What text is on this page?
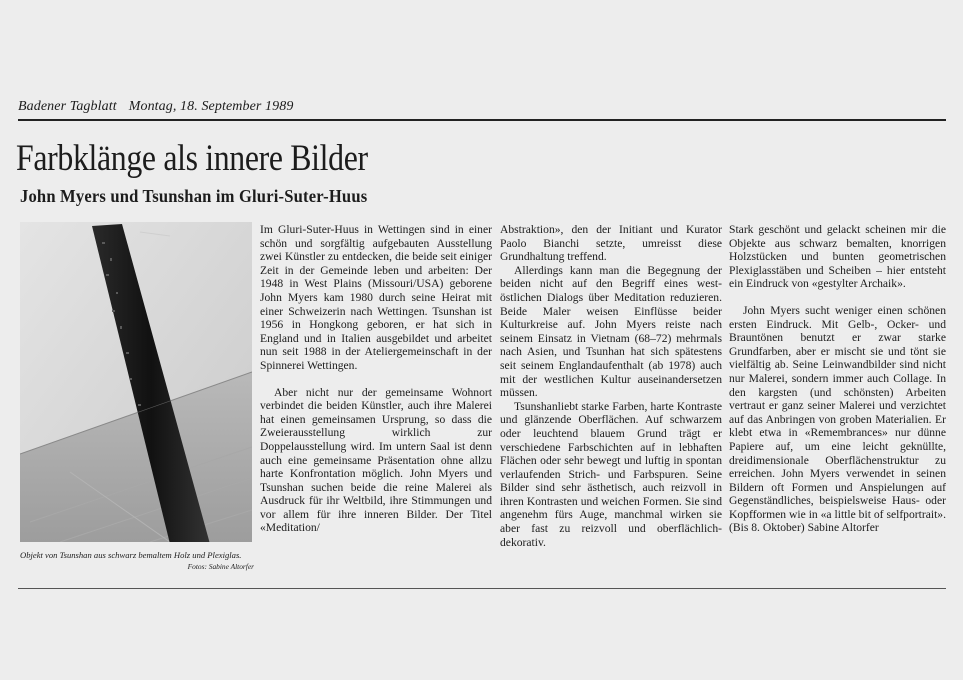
Badener Tagblatt Montag, 18. September 1989
Farbklänge als innere Bilder
John Myers und Tsunshan im Gluri-Suter-Huus
Objekt von Tsunshan aus schwarz bemaltem Holz und Plexiglas.
Fotos: Sabine Altorfer

Im Gluri-Suter-Huus in Wettingen sind in einer schön und sorgfältig aufgebauten Ausstellung zwei Künstler zu entdecken, die beide seit einiger Zeit in der Gemeinde leben und arbeiten: Der 1948 in West Plains (Missouri/USA) geborene John Myers kam 1980 durch seine Heirat mit einer Schweizerin nach Wettingen. Tsunshan ist 1956 in Hongkong geboren, er hat sich in England und in Italien ausgebildet und arbeitet nun seit 1988 in der Ateliergemeinschaft in der Spinnerei Wettingen.

Aber nicht nur der gemeinsame Wohnort verbindet die beiden Künstler, auch ihre Malerei hat einen gemeinsamen Ursprung, so dass die Zweierausstellung wirklich zur Doppelausstellung wird. Im untern Saal ist denn auch eine gemeinsame Präsentation ohne allzu harte Konfrontation möglich. John Myers und Tsunshan suchen beide die reine Malerei als Ausdruck für ihr Weltbild, ihre Stimmungen und vor allem für ihre inneren Bilder. Der Titel «Meditation/

Abstraktion», den der Initiant und Kurator Paolo Bianchi setzte, umreisst diese Grundhaltung treffend.

Allerdings kann man die Begegnung der beiden nicht auf den Begriff eines west-östlichen Dialogs über Meditation reduzieren. Beide Maler weisen Einflüsse beider Kulturkreise auf. John Myers reiste nach seinem Einsatz in Vietnam (68–72) mehrmals nach Asien, und Tsunhan hat sich spätestens seit seinem Englandaufenthalt (ab 1978) auch mit der westlichen Kultur auseinandersetzen müssen.

Tsunshanliebt starke Farben, harte Kontraste und glänzende Oberflächen. Auf schwarzem oder leuchtend blauem Grund trägt er verschiedene Farbschichten auf in lebhaften Flächen oder sehr bewegt und luftig in spontan verlaufenden Strich- und Farbspuren. Seine Bilder sind sehr ästhetisch, auch reizvoll in ihren Kontrasten und weichen Formen. Sie sind angenehm fürs Auge, manchmal wirken sie aber fast zu reizvoll und oberflächlich-dekorativ.

Stark geschönt und gelackt scheinen mir die Objekte aus schwarz bemalten, knorrigen Holzstücken und bunten geometrischen Plexiglasstäben und Scheiben – hier entsteht ein Eindruck von «gestylter Archaik».

John Myers sucht weniger einen schönen ersten Eindruck. Mit Gelb-, Ocker- und Brauntönen benutzt er zwar starke Grundfarben, aber er mischt sie und tönt sie vielfältig ab. Seine Leinwandbilder sind nicht nur Malerei, sondern immer auch Collage. In den kargsten (und schönsten) Arbeiten vertraut er ganz seiner Malerei und verzichtet auf das Anbringen von groben Materialien. Er klebt etwa in «Remembrances» nur dünne Papiere auf, um eine leicht geknüllte, dreidimensionale Oberflächenstruktur zu erreichen. John Myers verwendet in seinen Bildern oft Formen und Anspielungen auf Gegenständliches, beispielsweise Haus- oder Kopfformen wie in «a little bit of selfportrait». (Bis 8. Oktober) Sabine Altorfer
